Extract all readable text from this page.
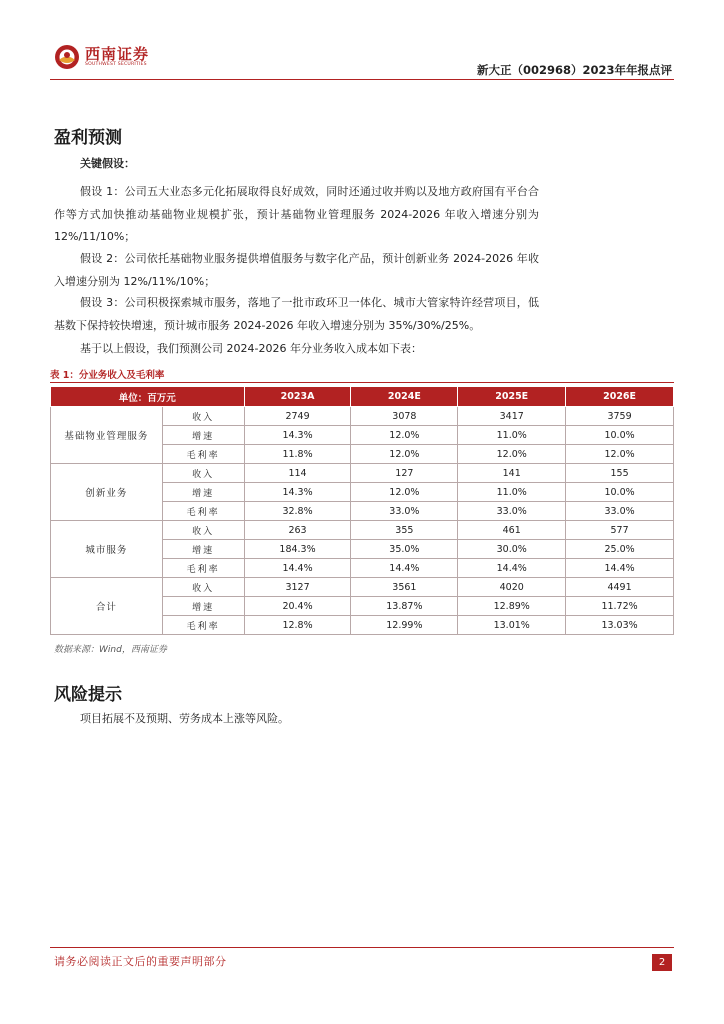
西南证券
SOUTHWEST SECURITIES	新大正（002968）2023年年报点评
盈利预测
关键假设：
假设 1：公司五大业态多元化拓展取得良好成效，同时还通过收并购以及地方政府国有平台合作等方式加快推动基础物业规模扩张，预计基础物业管理服务 2024-2026 年收入增速分别为 12%/11/10%；
假设 2：公司依托基础物业服务提供增值服务与数字化产品，预计创新业务 2024-2026 年收入增速分别为 12%/11%/10%；
假设 3：公司积极探索城市服务，落地了一批市政环卫一体化、城市大管家特许经营项目，低基数下保持较快增速，预计城市服务 2024-2026 年收入增速分别为 35%/30%/25%。
基于以上假设，我们预测公司 2024-2026 年分业务收入成本如下表：
表 1：分业务收入及毛利率
单位：百万元		2023A	2024E	2025E	2026E
基础物业管理服务	收入	2749	3078	3417	3759
	增速	14.3%	12.0%	11.0%	10.0%
	毛利率	11.8%	12.0%	12.0%	12.0%
创新业务	收入	114	127	141	155
	增速	14.3%	12.0%	11.0%	10.0%
	毛利率	32.8%	33.0%	33.0%	33.0%
城市服务	收入	263	355	461	577
	增速	184.3%	35.0%	30.0%	25.0%
	毛利率	14.4%	14.4%	14.4%	14.4%
合计	收入	3127	3561	4020	4491
	增速	20.4%	13.87%	12.89%	11.72%
	毛利率	12.8%	12.99%	13.01%	13.03%
数据来源：Wind，西南证券
风险提示
项目拓展不及预期、劳务成本上涨等风险。
请务必阅读正文后的重要声明部分	2
